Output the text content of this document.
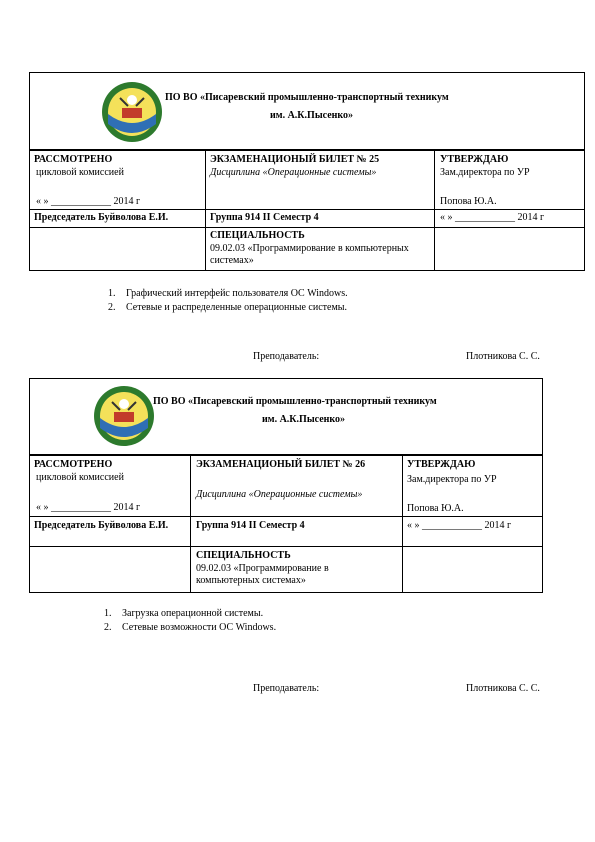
ПО ВО «Писаревский промышленно-транспортный техникум
им. А.К.Пысенко»
РАССМОТРЕНО
цикловой комиссией
« » ____________ 2014 г
Председатель Буйволова Е.И.
ЭКЗАМЕНАЦИОНЫЙ БИЛЕТ № 25
Дисциплина «Операционные системы»
Группа 914 II Семестр 4
СПЕЦИАЛЬНОСТЬ
09.02.03 «Программирование в компьютерных системах»
УТВЕРЖДАЮ
Зам.директора по УР
Попова Ю.А.
« » ____________ 2014 г
1. Графический интерфейс пользователя ОС Windows.
2. Сетевые и распределенные операционные системы.
Преподаватель:	Плотникова С. С.
ПО ВО «Писаревский промышленно-транспортный техникум
им. А.К.Пысенко»
РАССМОТРЕНО
цикловой комиссией
« » ____________ 2014 г
Председатель Буйволова Е.И.
ЭКЗАМЕНАЦИОНЫЙ БИЛЕТ № 26
Дисциплина «Операционные системы»
Группа 914 II Семестр 4
СПЕЦИАЛЬНОСТЬ
09.02.03 «Программирование в компьютерных системах»
УТВЕРЖДАЮ
Зам.директора по УР
Попова Ю.А.
« » ____________ 2014 г
1. Загрузка операционной системы.
2. Сетевые возможности ОС Windows.
Преподаватель:	Плотникова С. С.
